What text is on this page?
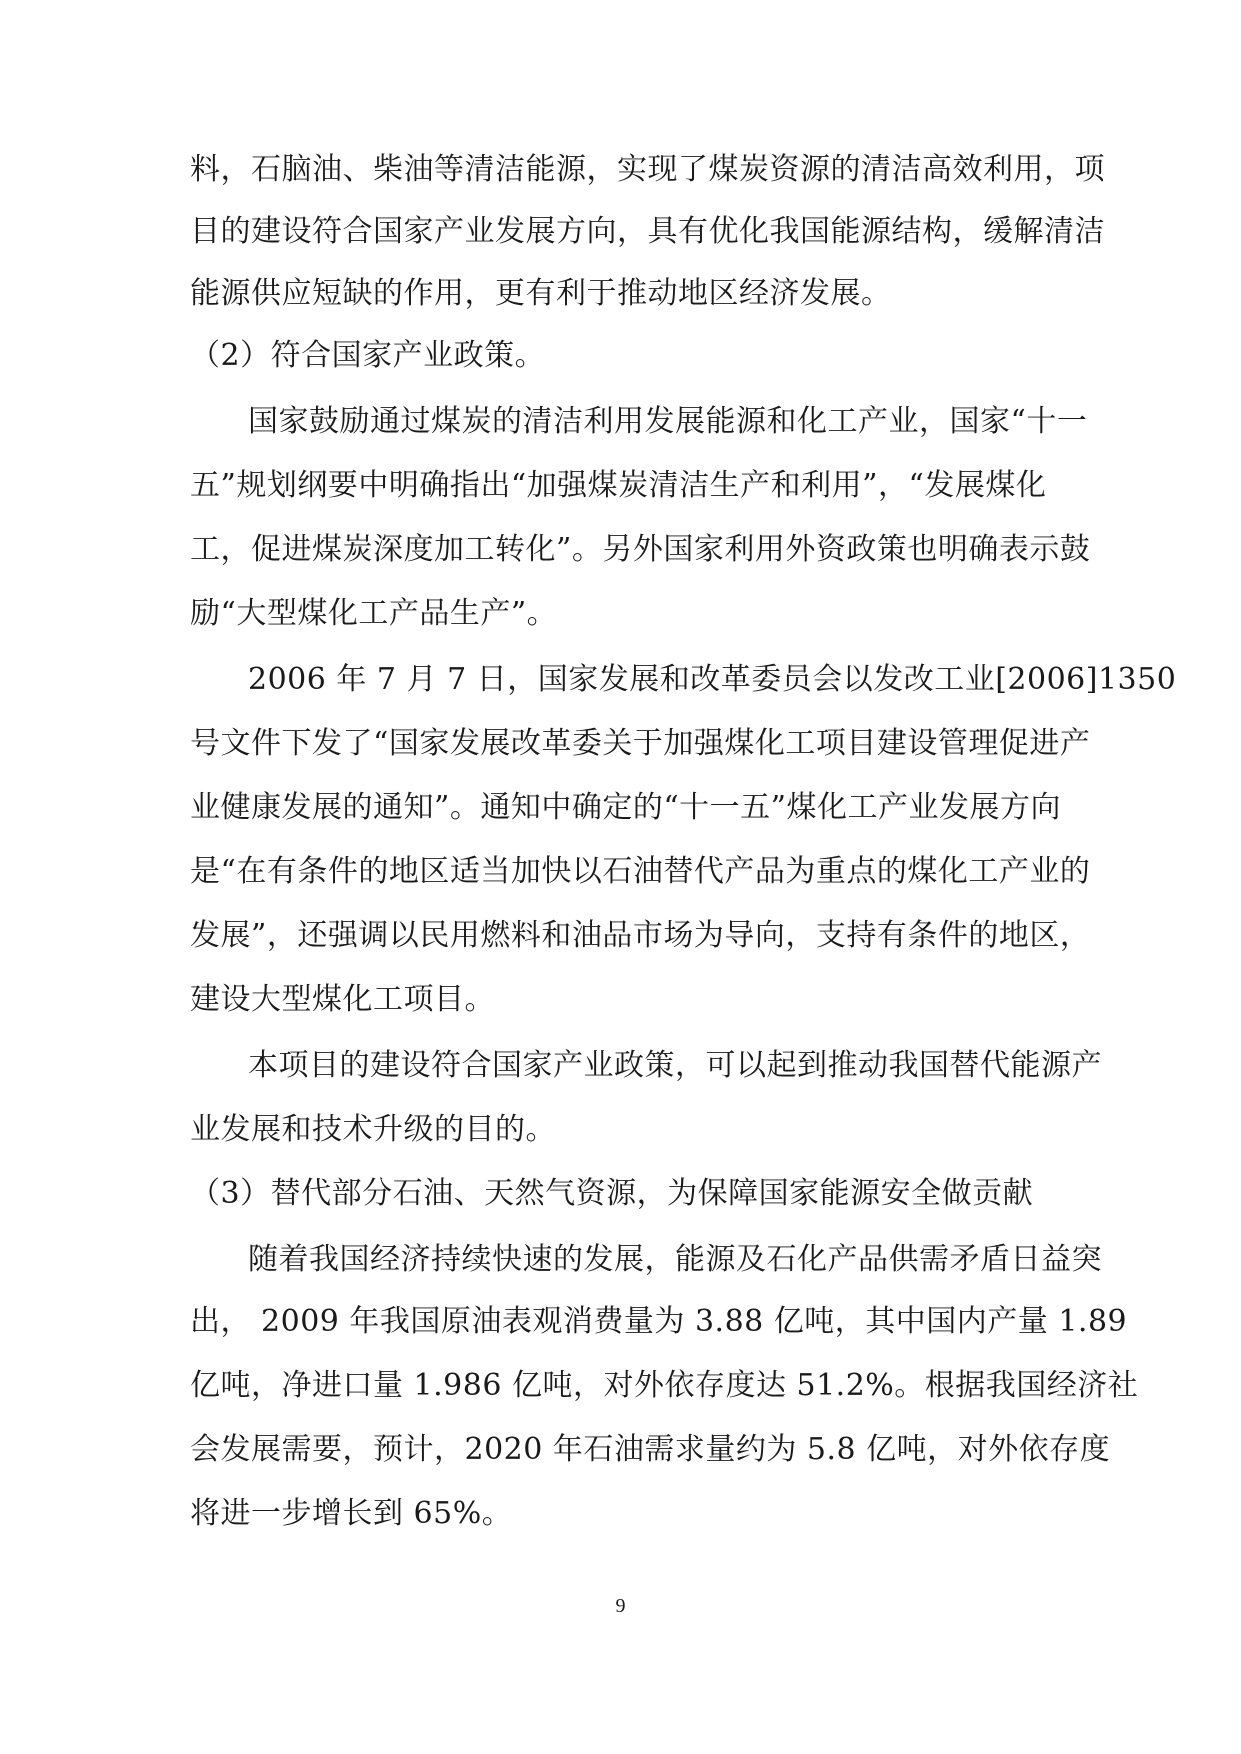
料，石脑油、柴油等清洁能源，实现了煤炭资源的清洁高效利用，项
目的建设符合国家产业发展方向，具有优化我国能源结构，缓解清洁
能源供应短缺的作用，更有利于推动地区经济发展。
（2）符合国家产业政策。
国家鼓励通过煤炭的清洁利用发展能源和化工产业，国家“十一
五”规划纲要中明确指出“加强煤炭清洁生产和利用”，“发展煤化
工，促进煤炭深度加工转化”。另外国家利用外资政策也明确表示鼓
励“大型煤化工产品生产”。
2006 年 7 月 7 日，国家发展和改革委员会以发改工业[2006]1350
号文件下发了“国家发展改革委关于加强煤化工项目建设管理促进产
业健康发展的通知”。通知中确定的“十一五”煤化工产业发展方向
是“在有条件的地区适当加快以石油替代产品为重点的煤化工产业的
发展”，还强调以民用燃料和油品市场为导向，支持有条件的地区，
建设大型煤化工项目。
本项目的建设符合国家产业政策，可以起到推动我国替代能源产
业发展和技术升级的目的。
（3）替代部分石油、天然气资源，为保障国家能源安全做贡献
随着我国经济持续快速的发展，能源及石化产品供需矛盾日益突
出， 2009 年我国原油表观消费量为 3.88 亿吨，其中国内产量 1.89
亿吨，净进口量 1.986 亿吨，对外依存度达 51.2%。根据我国经济社
会发展需要，预计，2020 年石油需求量约为 5.8 亿吨，对外依存度
将进一步增长到 65%。
9
